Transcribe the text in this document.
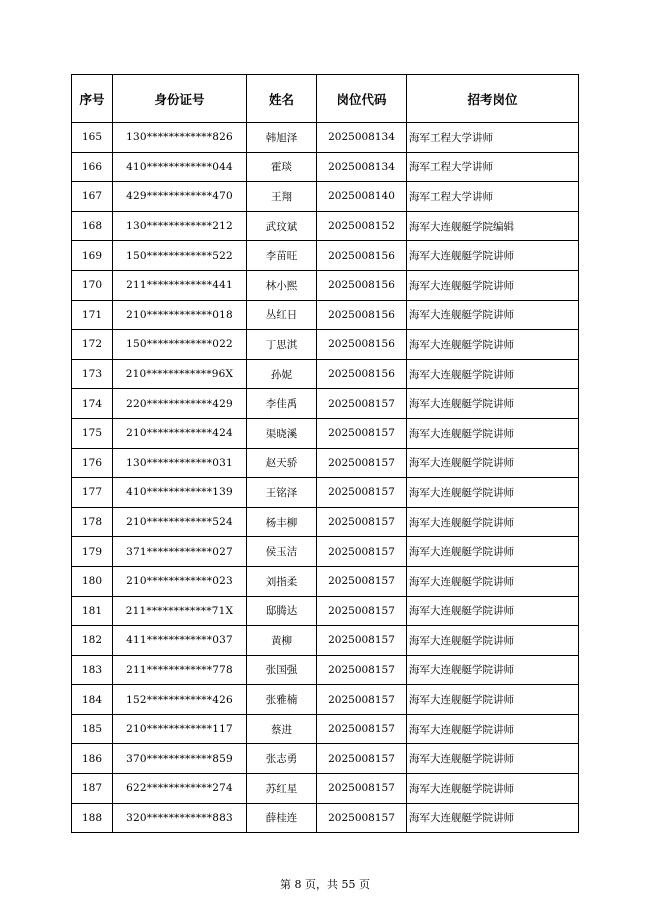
序号	身份证号	姓名	岗位代码	招考岗位
165	130************826	韩旭泽	2025008134	海军工程大学讲师
166	410************044	霍琰	2025008134	海军工程大学讲师
167	429************470	王翔	2025008140	海军工程大学讲师
168	130************212	武玟斌	2025008152	海军大连舰艇学院编辑
169	150************522	李苗旺	2025008156	海军大连舰艇学院讲师
170	211************441	林小熙	2025008156	海军大连舰艇学院讲师
171	210************018	丛红日	2025008156	海军大连舰艇学院讲师
172	150************022	丁思淇	2025008156	海军大连舰艇学院讲师
173	210************96X	孙妮	2025008156	海军大连舰艇学院讲师
174	220************429	李佳禹	2025008157	海军大连舰艇学院讲师
175	210************424	渠晓溪	2025008157	海军大连舰艇学院讲师
176	130************031	赵天骄	2025008157	海军大连舰艇学院讲师
177	410************139	王铭泽	2025008157	海军大连舰艇学院讲师
178	210************524	杨丰柳	2025008157	海军大连舰艇学院讲师
179	371************027	侯玉洁	2025008157	海军大连舰艇学院讲师
180	210************023	刘指柔	2025008157	海军大连舰艇学院讲师
181	211************71X	邸腾达	2025008157	海军大连舰艇学院讲师
182	411************037	黄柳	2025008157	海军大连舰艇学院讲师
183	211************778	张国强	2025008157	海军大连舰艇学院讲师
184	152************426	张雅楠	2025008157	海军大连舰艇学院讲师
185	210************117	蔡进	2025008157	海军大连舰艇学院讲师
186	370************859	张志勇	2025008157	海军大连舰艇学院讲师
187	622************274	苏红星	2025008157	海军大连舰艇学院讲师
188	320************883	薛桂连	2025008157	海军大连舰艇学院讲师
第 8 页，共 55 页
